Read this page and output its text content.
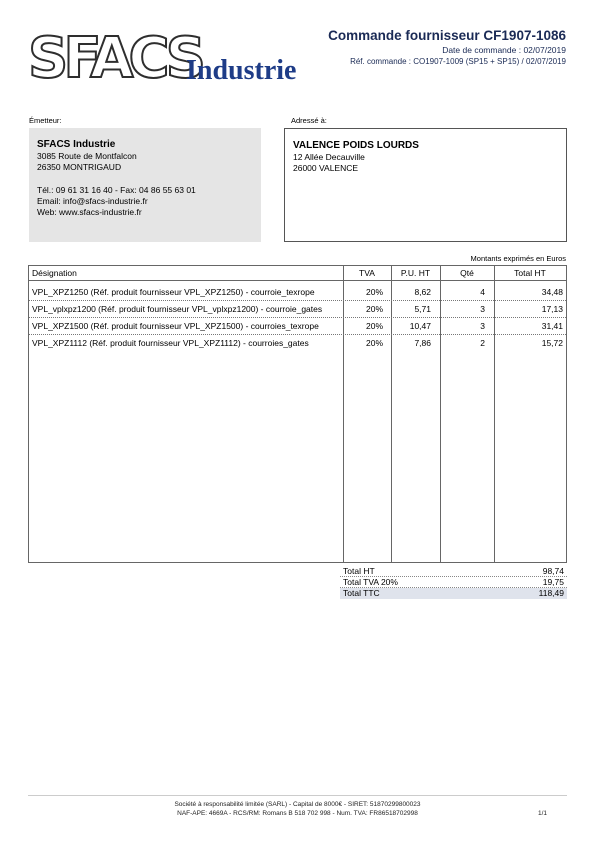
SFACS
Industrie
Commande fournisseur CF1907-1086
Date de commande : 02/07/2019
Réf. commande : CO1907-1009 (SP15 + SP15) / 02/07/2019
Émetteur:
SFACS Industrie
3085 Route de Montfalcon
26350 MONTRIGAUD
Tél.: 09 61 31 16 40 - Fax: 04 86 55 63 01
Email: info@sfacs-industrie.fr
Web: www.sfacs-industrie.fr
Adressé à:
VALENCE POIDS LOURDS
12 Allée Decauville
26000 VALENCE
Montants exprimés en Euros
Désignation	TVA	P.U. HT	Qté	Total HT
VPL_XPZ1250 (Réf. produit fournisseur VPL_XPZ1250) - courroie_texrope	20%	8,62	4	34,48
VPL_vplxpz1200 (Réf. produit fournisseur VPL_vplxpz1200) - courroie_gates	20%	5,71	3	17,13
VPL_XPZ1500 (Réf. produit fournisseur VPL_XPZ1500) - courroies_texrope	20%	10,47	3	31,41
VPL_XPZ1112 (Réf. produit fournisseur VPL_XPZ1112) - courroies_gates	20%	7,86	2	15,72
Total HT	98,74
Total TVA 20%	19,75
Total TTC	118,49
Société à responsabilité limitée (SARL) - Capital de 8000€ - SIRET: 51870299800023
NAF-APE: 4669A - RCS/RM: Romans B 518 702 998 - Num. TVA: FR86518702998	1/1
